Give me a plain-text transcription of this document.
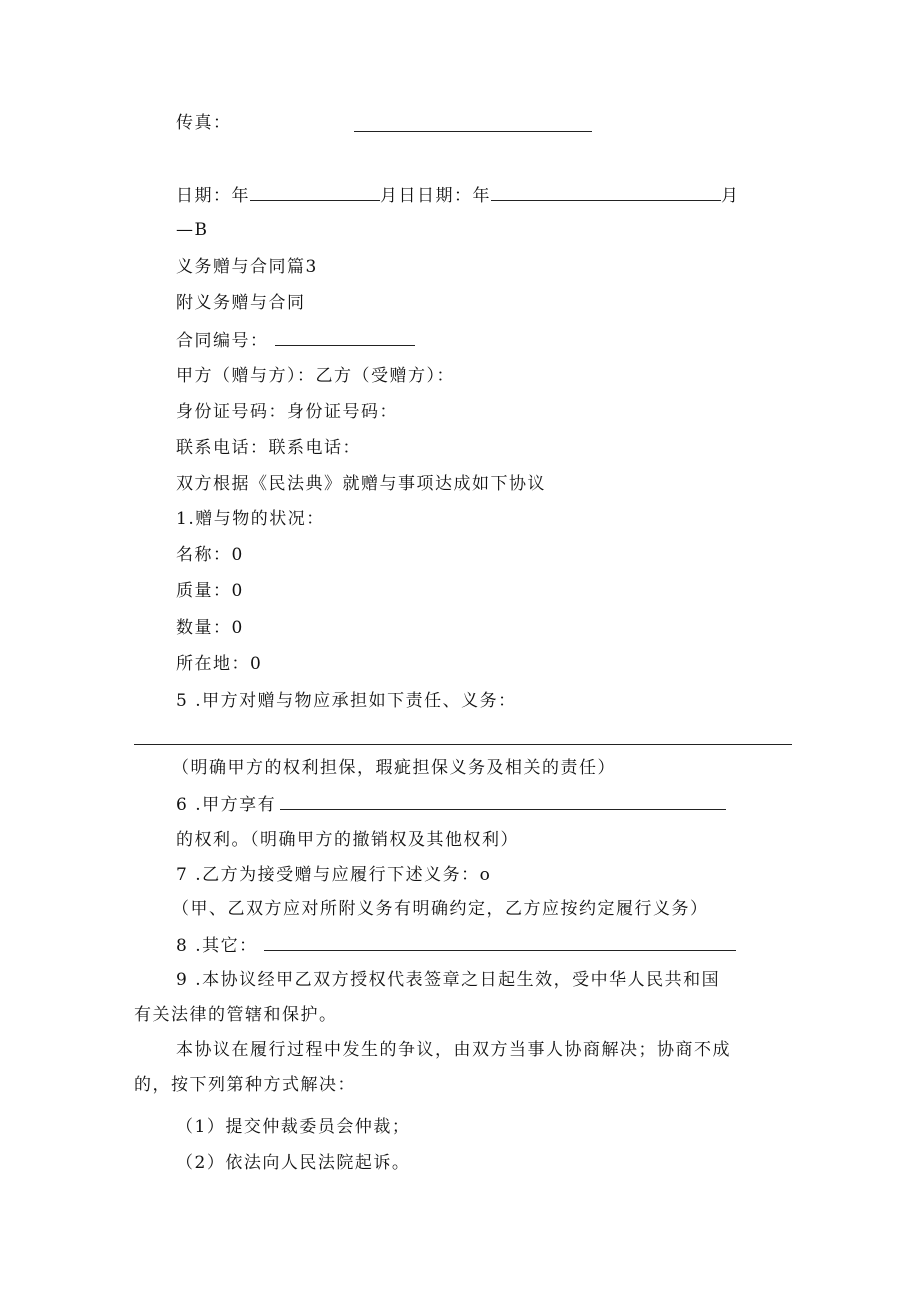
传真：
日期：年	月日日期：年	月
—B
义务赠与合同篇3
附义务赠与合同
合同编号：
甲方（赠与方）：乙方（受赠方）：
身份证号码：身份证号码：
联系电话：联系电话：
双方根据《民法典》就赠与事项达成如下协议
1.赠与物的状况：
名称：0
质量：0
数量：0
所在地：0
5 .甲方对赠与物应承担如下责任、义务：
（明确甲方的权利担保，瑕疵担保义务及相关的责任）
6 .甲方享有
的权利。（明确甲方的撤销权及其他权利）
7 .乙方为接受赠与应履行下述义务：o
（甲、乙双方应对所附义务有明确约定，乙方应按约定履行义务）
8 .其它：
9 .本协议经甲乙双方授权代表签章之日起生效，受中华人民共和国
有关法律的管辖和保护。
本协议在履行过程中发生的争议，由双方当事人协商解决；协商不成
的，按下列第种方式解决：
（1）提交仲裁委员会仲裁；
（2）依法向人民法院起诉。
